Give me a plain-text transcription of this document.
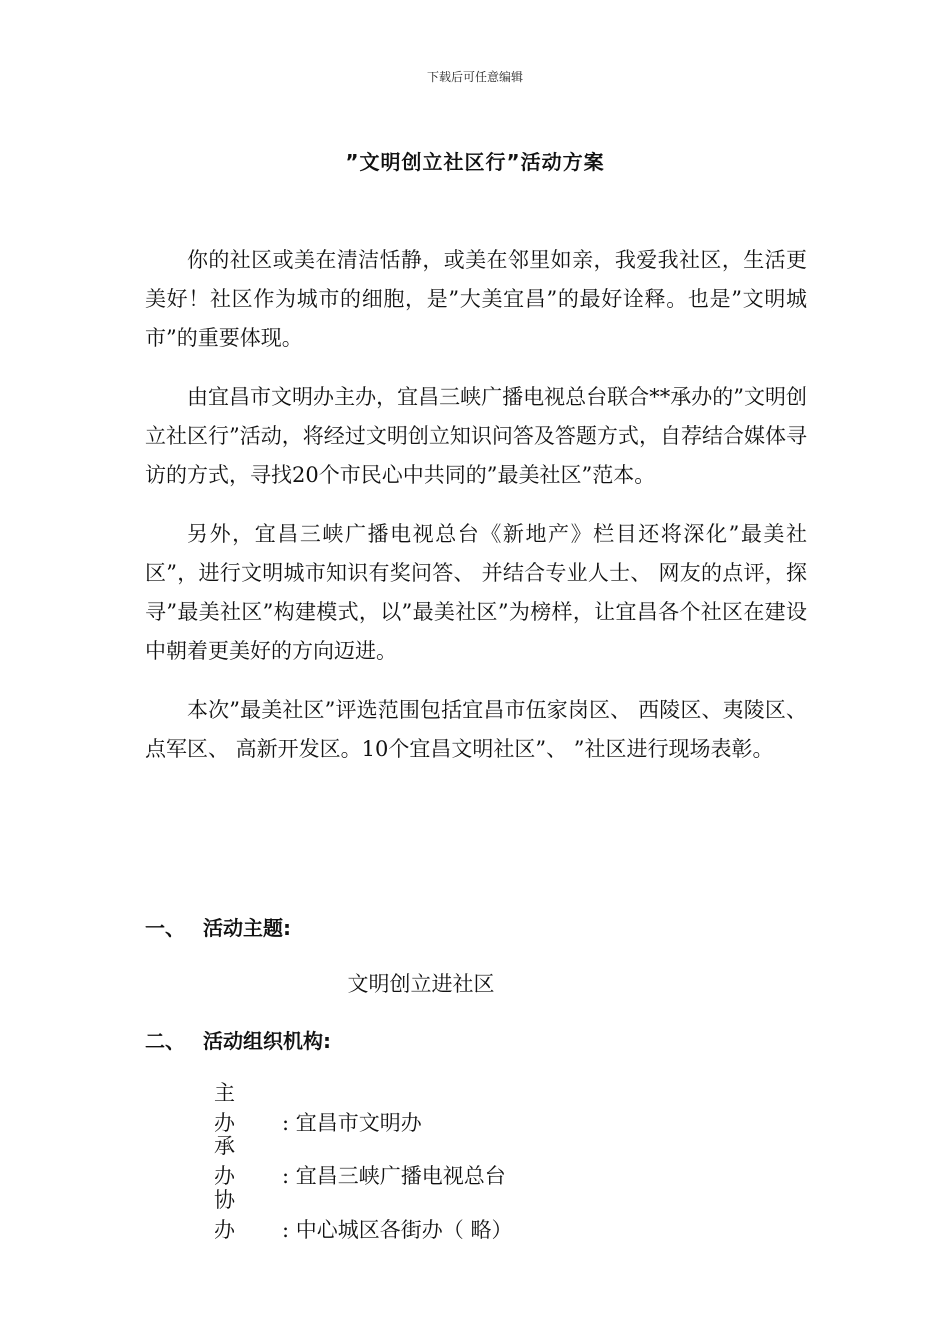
下载后可任意编辑
”文明创立社区行”活动方案

你的社区或美在清洁恬静，或美在邻里如亲，我爱我社区，生活更美好！社区作为城市的细胞，是”大美宜昌”的最好诠释。也是”文明城市”的重要体现。

由宜昌市文明办主办，宜昌三峡广播电视总台联合**承办的”文明创立社区行”活动，将经过文明创立知识问答及答题方式，自荐结合媒体寻访的方式，寻找20个市民心中共同的”最美社区”范本。

另外，宜昌三峡广播电视总台《新地产》栏目还将深化”最美社区”，进行文明城市知识有奖问答、 并结合专业人士、 网友的点评，探寻”最美社区”构建模式，以”最美社区”为榜样，让宜昌各个社区在建设中朝着更美好的方向迈进。

本次”最美社区”评选范围包括宜昌市伍家岗区、 西陵区、夷陵区、 点军区、 高新开发区。10个宜昌文明社区”、 ”社区进行现场表彰。

一、 活动主题:
文明创立进社区
二、 活动组织机构:
主办 : 宜昌市文明办
承办 : 宜昌三峡广播电视总台
协办 : 中心城区各街办（ 略）
